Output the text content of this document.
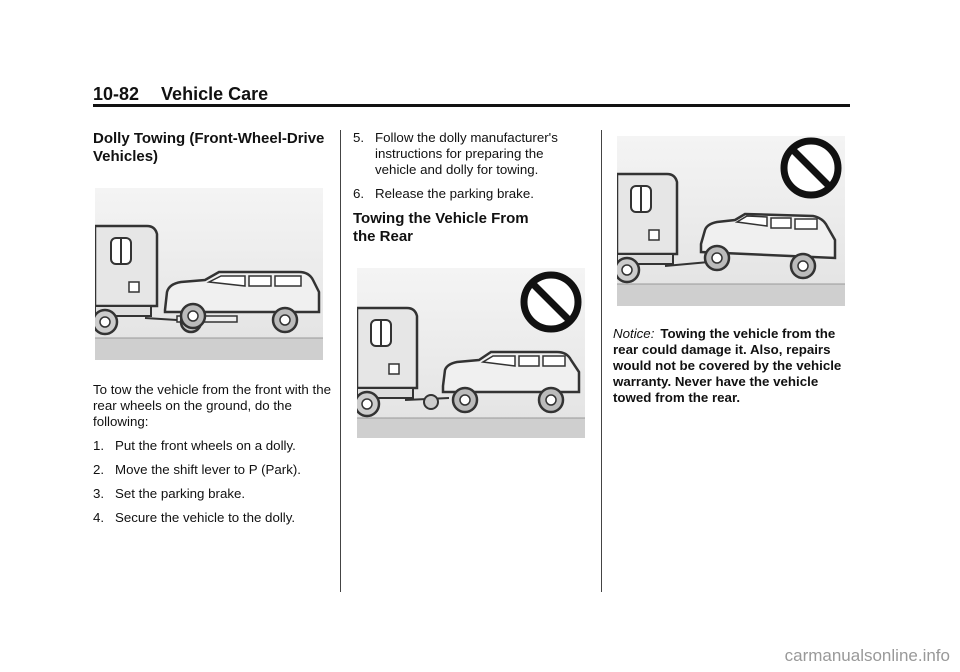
10-82 Vehicle Care
Dolly Towing (Front-Wheel-Drive Vehicles)

To tow the vehicle from the front with the rear wheels on the ground, do the following:

1. Put the front wheels on a dolly.
2. Move the shift lever to P (Park).
3. Set the parking brake.
4. Secure the vehicle to the dolly.
5. Follow the dolly manufacturer's instructions for preparing the vehicle and dolly for towing.
6. Release the parking brake.
Towing the Vehicle From the Rear
Notice: Towing the vehicle from the rear could damage it. Also, repairs would not be covered by the vehicle warranty. Never have the vehicle towed from the rear.
carmanualsonline.info
